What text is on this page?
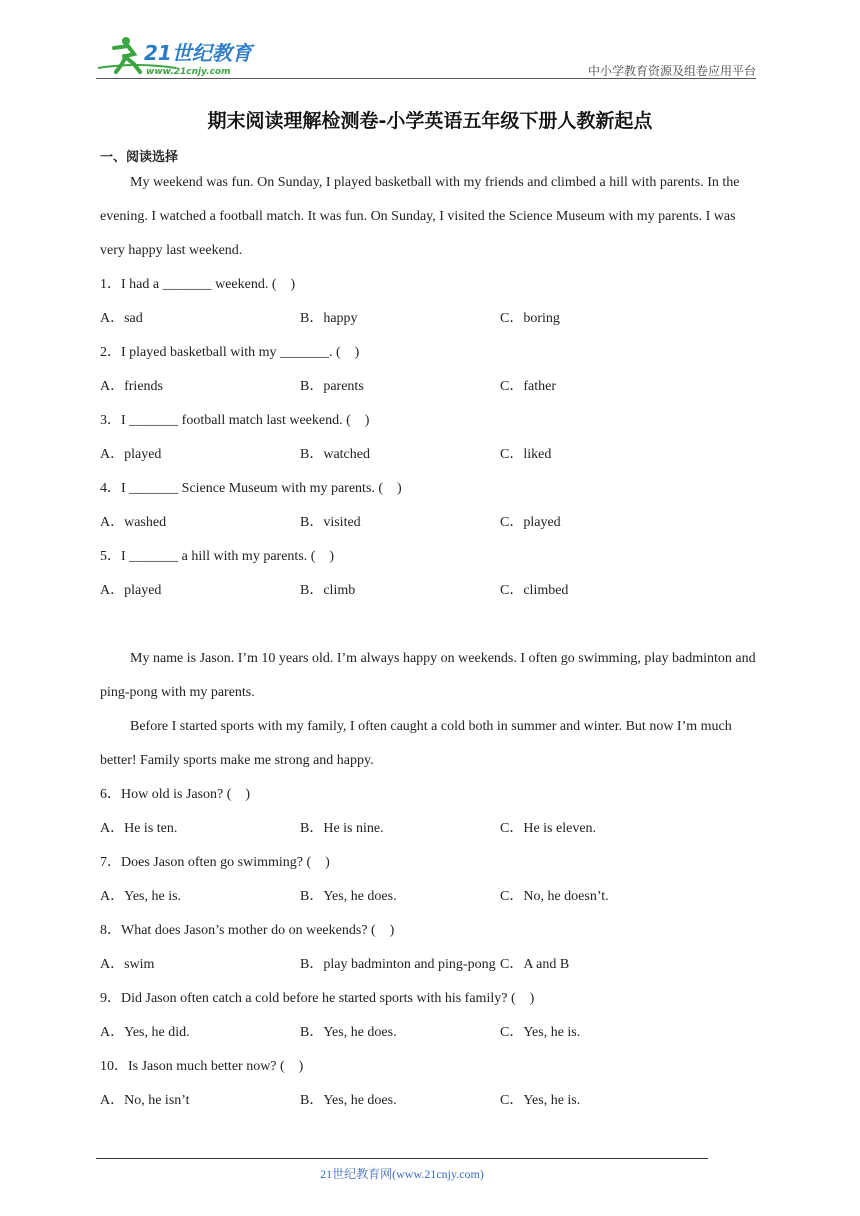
21世纪教育
www.21cnjy.com	中小学教育资源及组卷应用平台
期末阅读理解检测卷-小学英语五年级下册人教新起点
一、阅读选择

My weekend was fun. On Sunday, I played basketball with my friends and climbed a hill with parents. In the evening. I watched a football match. It was fun. On Sunday, I visited the Science Museum with my parents. I was very happy last weekend.

1．I had a _______ weekend. (　)
A．sad	B．happy	C．boring
2．I played basketball with my _______. (　)
A．friends	B．parents	C．father
3．I _______ football match last weekend. (　)
A．played	B．watched	C．liked
4．I _______ Science Museum with my parents. (　)
A．washed	B．visited	C．played
5．I _______ a hill with my parents. (　)
A．played	B．climb	C．climbed

My name is Jason. I’m 10 years old. I’m always happy on weekends. I often go swimming, play badminton and ping-pong with my parents.

Before I started sports with my family, I often caught a cold both in summer and winter. But now I’m much better! Family sports make me strong and happy.

6．How old is Jason? (　)
A．He is ten.	B．He is nine.	C．He is eleven.
7．Does Jason often go swimming? (　)
A．Yes, he is.	B．Yes, he does.	C．No, he doesn’t.
8．What does Jason’s mother do on weekends? (　)
A．swim	B．play badminton and ping-pong C．A and B
9．Did Jason often catch a cold before he started sports with his family? (　)
A．Yes, he did.	B．Yes, he does.	C．Yes, he is.
10．Is Jason much better now? (　)
A．No, he isn’t	B．Yes, he does.	C．Yes, he is.
21世纪教育网(www.21cnjy.com)
